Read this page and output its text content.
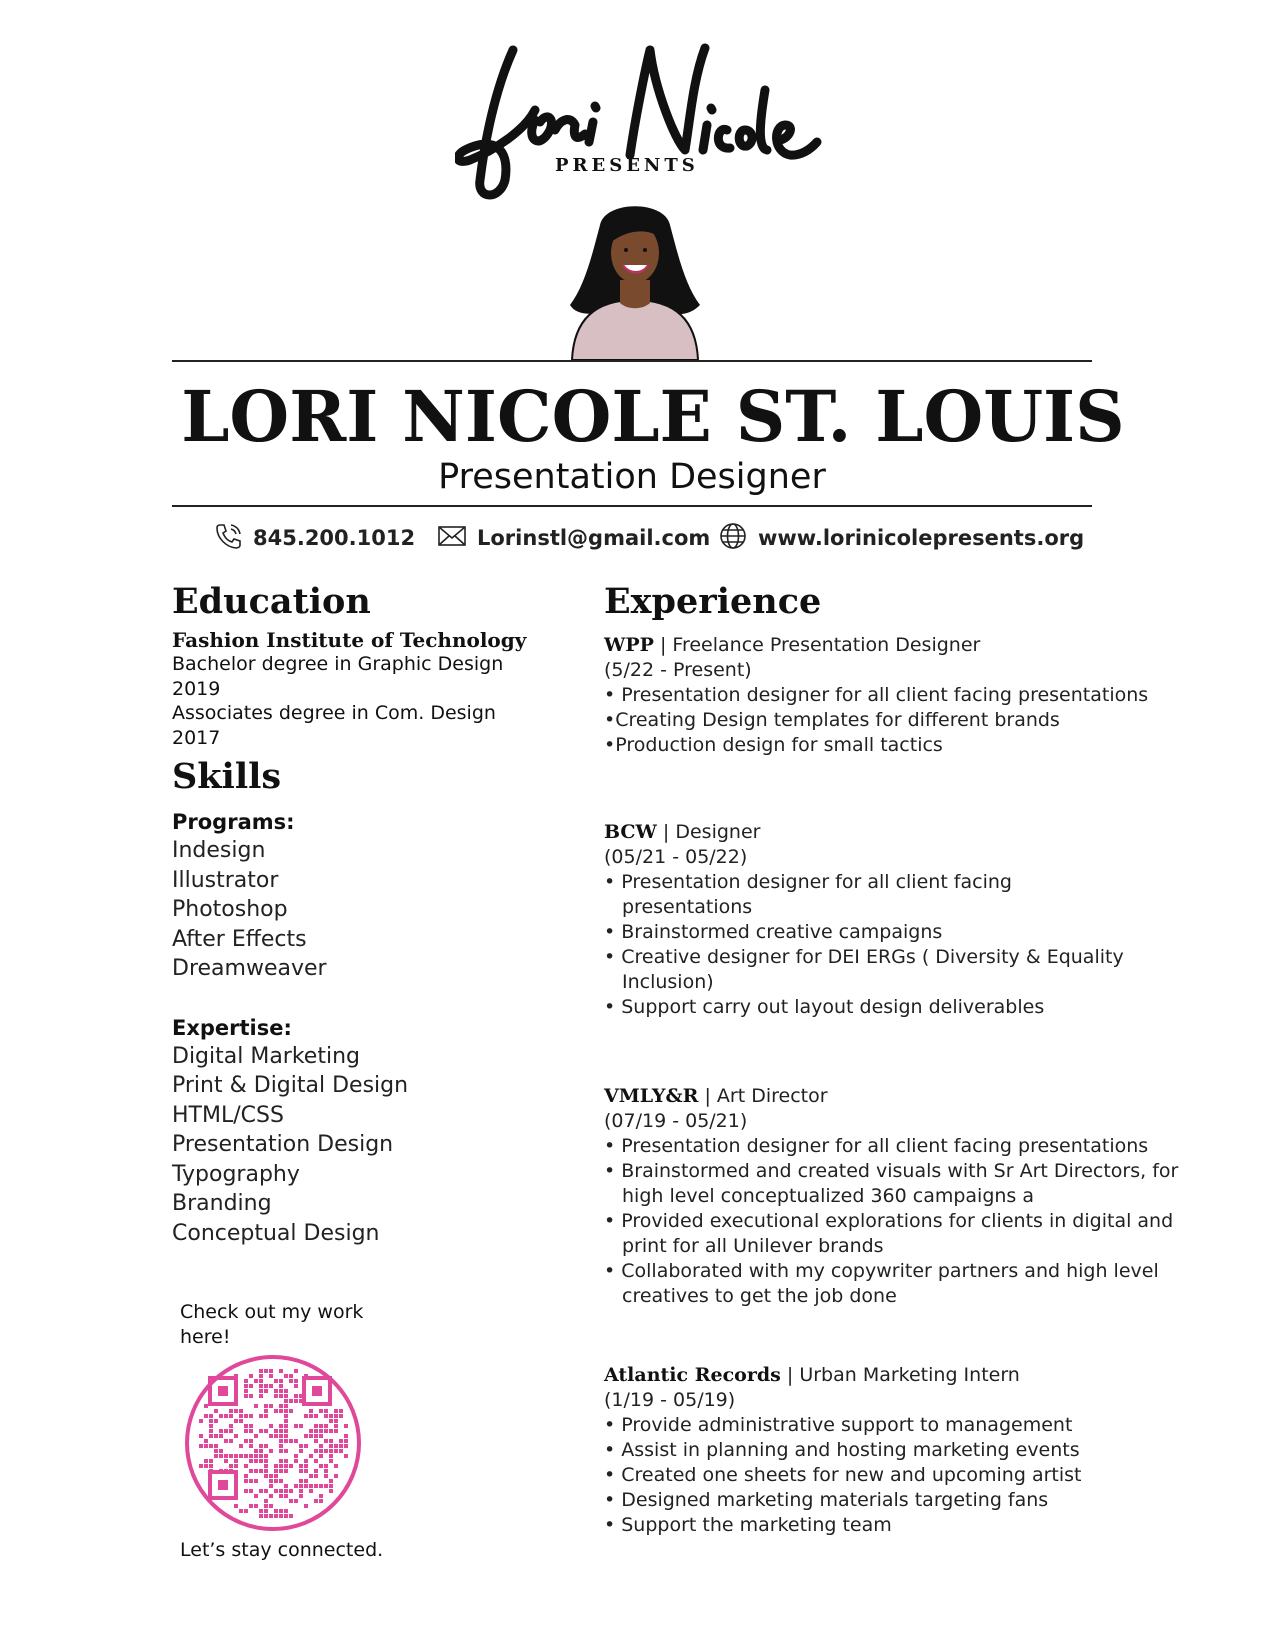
PRESENTS
LORI NICOLE ST. LOUIS
Presentation Designer
845.200.1012	Lorinstl@gmail.com www.lorinicolepresents.org
Education
Fashion Institute of Technology
Bachelor degree in Graphic Design
2019
Associates degree in Com. Design
2017
Skills
Programs:
Indesign
Illustrator
Photoshop
After Effects
Dreamweaver
Expertise:
Digital Marketing
Print & Digital Design
HTML/CSS
Presentation Design
Typography
Branding
Conceptual Design
Check out my work here!
Let’s stay connected.
Experience
WPP | Freelance Presentation Designer
(5/22 - Present)
• Presentation designer for all client facing presentations
•Creating Design templates for different brands
•Production design for small tactics
BCW | Designer
(05/21 - 05/22)
• Presentation designer for all client facing presentations
• Brainstormed creative campaigns
• Creative designer for DEI ERGs ( Diversity & Equality Inclusion)
• Support carry out layout design deliverables
VMLY&R | Art Director
(07/19 - 05/21)
• Presentation designer for all client facing presentations
• Brainstormed and created visuals with Sr Art Directors, for high level conceptualized 360 campaigns a
• Provided executional explorations for clients in digital and print for all Unilever brands
• Collaborated with my copywriter partners and high level creatives to get the job done
Atlantic Records | Urban Marketing Intern
(1/19 - 05/19)
• Provide administrative support to management
• Assist in planning and hosting marketing events
• Created one sheets for new and upcoming artist
• Designed marketing materials targeting fans
• Support the marketing team
